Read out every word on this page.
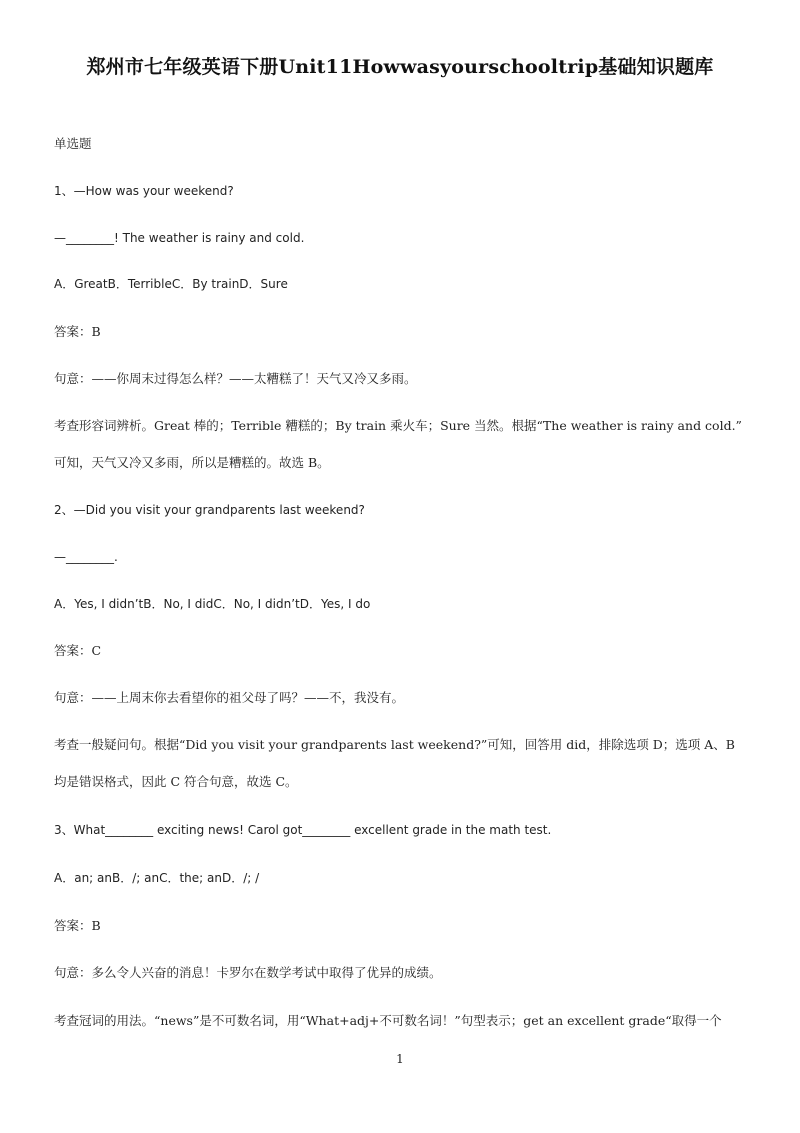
郑州市七年级英语下册Unit11Howwasyourschooltrip基础知识题库
单选题
1、—How was your weekend?
—________! The weather is rainy and cold.
A．GreatB．TerribleC．By trainD．Sure
答案：B
句意：——你周末过得怎么样？——太糟糕了！天气又冷又多雨。
考查形容词辨析。Great 棒的；Terrible 糟糕的；By train 乘火车；Sure 当然。根据“The weather is rainy and cold.”
可知，天气又冷又多雨，所以是糟糕的。故选 B。
2、—Did you visit your grandparents last weekend?
—________.
A．Yes, I didn’tB．No, I didC．No, I didn’tD．Yes, I do
答案：C
句意：——上周末你去看望你的祖父母了吗？——不，我没有。
考查一般疑问句。根据“Did you visit your grandparents last weekend?”可知，回答用 did，排除选项 D；选项 A、B
均是错误格式，因此 C 符合句意，故选 C。
3、What________ exciting news! Carol got________ excellent grade in the math test.
A．an; anB．/; anC．the; anD．/; /
答案：B
句意：多么令人兴奋的消息！卡罗尔在数学考试中取得了优异的成绩。
考查冠词的用法。“news”是不可数名词，用“What+adj+不可数名词！”句型表示；get an excellent grade“取得一个
1
